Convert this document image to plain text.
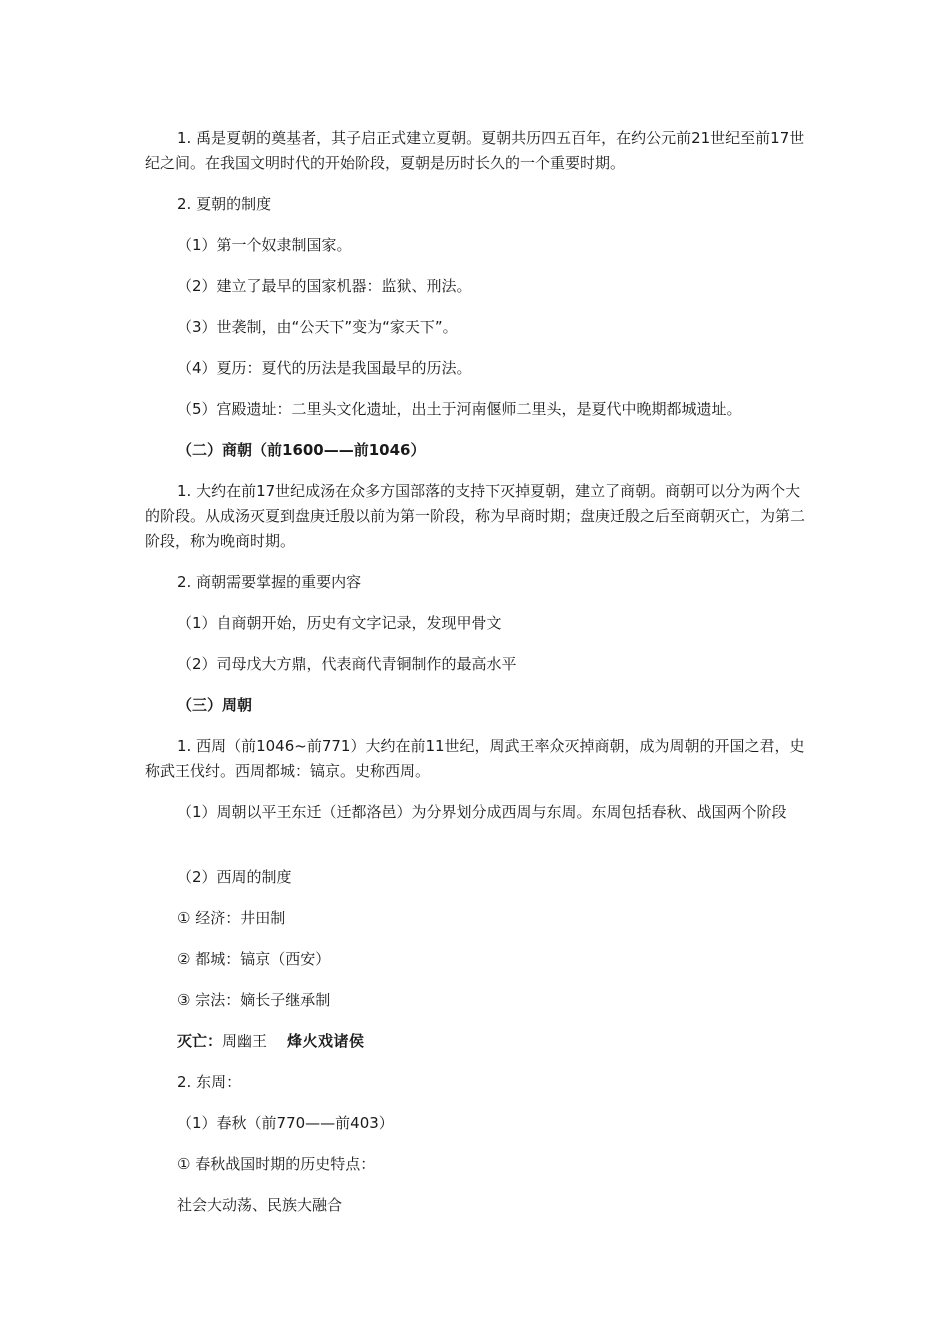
1. 禹是夏朝的奠基者，其子启正式建立夏朝。夏朝共历四五百年，在约公元前21世纪至前17世纪之间。在我国文明时代的开始阶段，夏朝是历时长久的一个重要时期。

2. 夏朝的制度

（1）第一个奴隶制国家。

（2）建立了最早的国家机器：监狱、刑法。

（3）世袭制，由“公天下”变为“家天下”。

（4）夏历：夏代的历法是我国最早的历法。

（5）宫殿遗址：二里头文化遗址，出土于河南偃师二里头，是夏代中晚期都城遗址。

（二）商朝（前1600——前1046）

1. 大约在前17世纪成汤在众多方国部落的支持下灭掉夏朝，建立了商朝。商朝可以分为两个大的阶段。从成汤灭夏到盘庚迁殷以前为第一阶段，称为早商时期；盘庚迁殷之后至商朝灭亡，为第二阶段，称为晚商时期。

2. 商朝需要掌握的重要内容

（1）自商朝开始，历史有文字记录，发现甲骨文

（2）司母戊大方鼎，代表商代青铜制作的最高水平

（三）周朝

1. 西周（前1046~前771）大约在前11世纪，周武王率众灭掉商朝，成为周朝的开国之君，史称武王伐纣。西周都城：镐京。史称西周。

（1）周朝以平王东迁（迁都洛邑）为分界划分成西周与东周。东周包括春秋、战国两个阶段

（2）西周的制度

① 经济：井田制

② 都城：镐京（西安）

③ 宗法：嫡长子继承制

灭亡：周幽王 烽火戏诸侯

2. 东周：

（1）春秋（前770——前403）

① 春秋战国时期的历史特点：

社会大动荡、民族大融合
